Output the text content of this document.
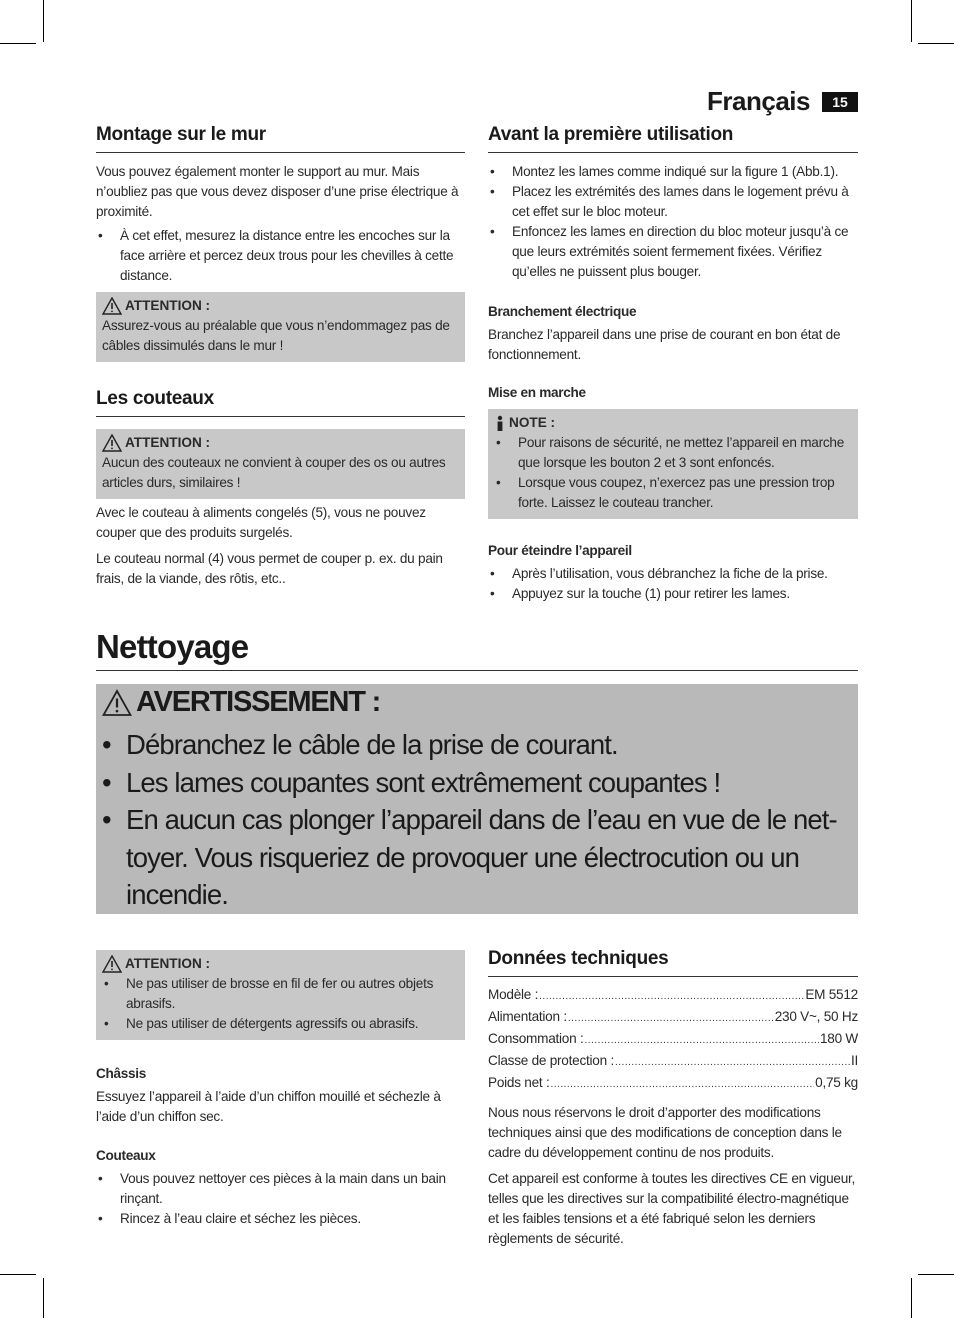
Français	15
Montage sur le mur

Vous pouvez également monter le support au mur. Mais n’oubliez pas que vous devez disposer d’une prise électrique à proximité.

• À cet effet, mesurez la distance entre les encoches sur la face arrière et percez deux trous pour les chevilles à cette distance.
ATTENTION :

Assurez-vous au préalable que vous n’endommagez pas de câbles dissimulés dans le mur !

Les couteaux
ATTENTION :

Aucun des couteaux ne convient à couper des os ou autres articles durs, similaires !

Avec le couteau à aliments congelés (5), vous ne pouvez couper que des produits surgelés.

Le couteau normal (4) vous permet de couper p. ex. du pain frais, de la viande, des rôtis, etc..

Avant la première utilisation
• Montez les lames comme indiqué sur la figure 1 (Abb.1).
• Placez les extrémités des lames dans le logement prévu à cet effet sur le bloc moteur.
• Enfoncez les lames en direction du bloc moteur jusqu’à ce que leurs extrémités soient fermement fixées. Vérifiez qu’elles ne puissent plus bouger.

Branchement électrique

Branchez l’appareil dans une prise de courant en bon état de fonctionnement.

Mise en marche

NOTE :
• Pour raisons de sécurité, ne mettez l’appareil en marche que lorsque les bouton 2 et 3 sont enfoncés.
• Lorsque vous coupez, n’exercez pas une pression trop forte. Laissez le couteau trancher.

Pour éteindre l’appareil

• Après l’utilisation, vous débranchez la fiche de la prise.
• Appuyez sur la touche (1) pour retirer les lames.
Nettoyage
AVERTISSEMENT :
• Débranchez le câble de la prise de courant.
• Les lames coupantes sont extrêmement coupantes !
• En aucun cas plonger l’appareil dans de l’eau en vue de le net-toyer. Vous risqueriez de provoquer une électrocution ou un incendie.
ATTENTION :
• Ne pas utiliser de brosse en fil de fer ou autres objets abrasifs.
• Ne pas utiliser de détergents agressifs ou abrasifs.

Châssis

Essuyez l’appareil à l’aide d’un chiffon mouillé et séchezle à l’aide d’un chiffon sec.

Couteaux

• Vous pouvez nettoyer ces pièces à la main dans un bain rinçant.
• Rincez à l’eau claire et séchez les pièces.
Données techniques
Modèle : .....	EM 5512
Alimentation : .....	230 V~, 50 Hz
Consommation : .....	180 W
Classe de protection : .....	II
Poids net : .....	0,75 kg

Nous nous réservons le droit d’apporter des modifications techniques ainsi que des modifications de conception dans le cadre du développement continu de nos produits.

Cet appareil est conforme à toutes les directives CE en vigueur, telles que les directives sur la compatibilité électro-magnétique et les faibles tensions et a été fabriqué selon les derniers règlements de sécurité.
